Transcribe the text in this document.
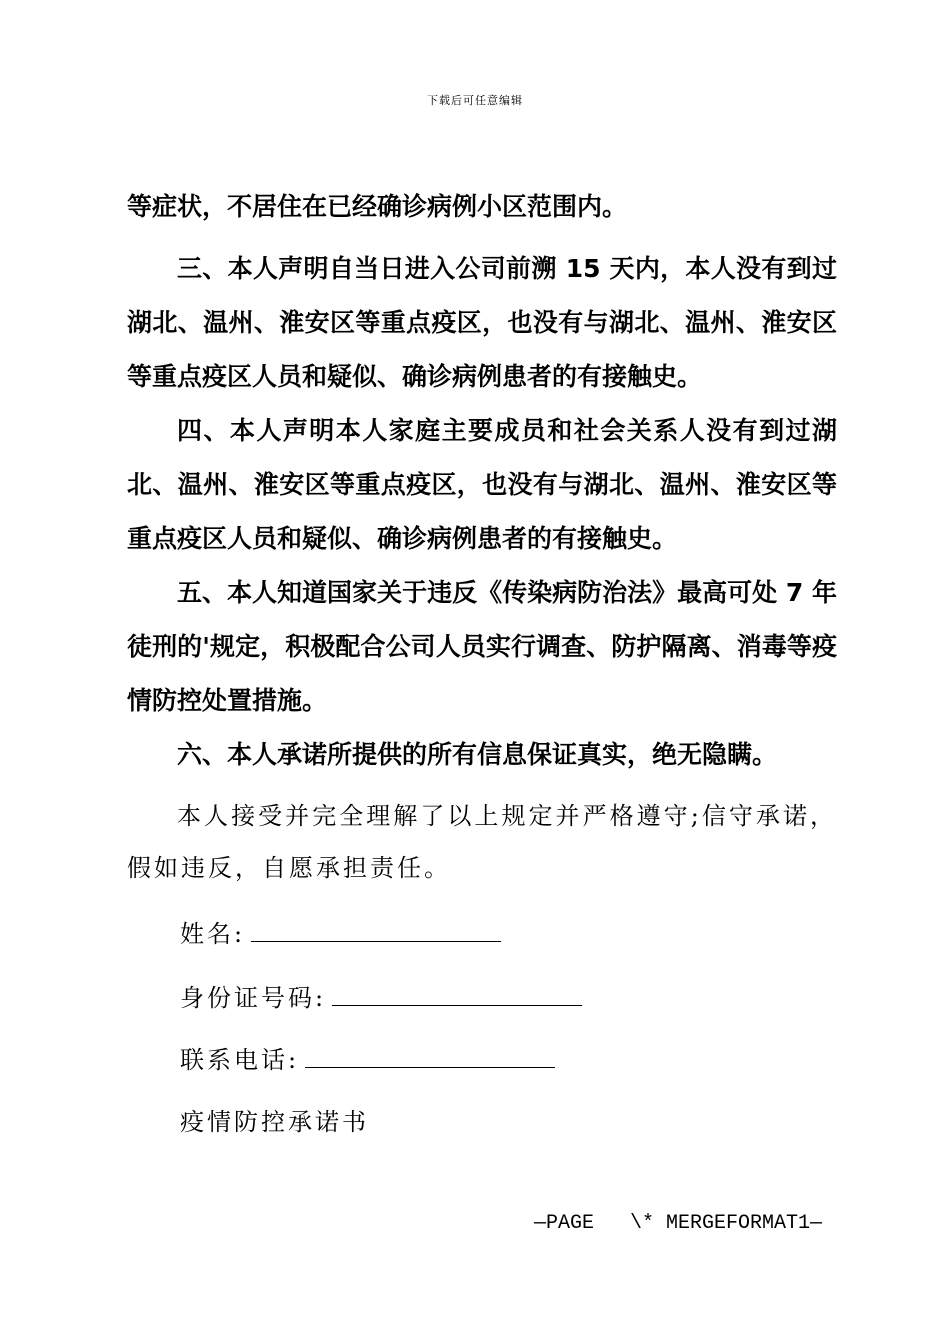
下载后可任意编辑
等症状，不居住在已经确诊病例小区范围内。
三、本人声明自当日进入公司前溯 15 天内，本人没有到过湖北、温州、淮安区等重点疫区，也没有与湖北、温州、淮安区等重点疫区人员和疑似、确诊病例患者的有接触史。
四、本人声明本人家庭主要成员和社会关系人没有到过湖北、温州、淮安区等重点疫区，也没有与湖北、温州、淮安区等重点疫区人员和疑似、确诊病例患者的有接触史。
五、本人知道国家关于违反《传染病防治法》最高可处 7 年徒刑的'规定，积极配合公司人员实行调查、防护隔离、消毒等疫情防控处置措施。
六、本人承诺所提供的所有信息保证真实，绝无隐瞒。
本人接受并完全理解了以上规定并严格遵守;信守承诺，假如违反，自愿承担责任。
姓名:
身份证号码:
联系电话:
疫情防控承诺书
—PAGE   \* MERGEFORMAT1—
